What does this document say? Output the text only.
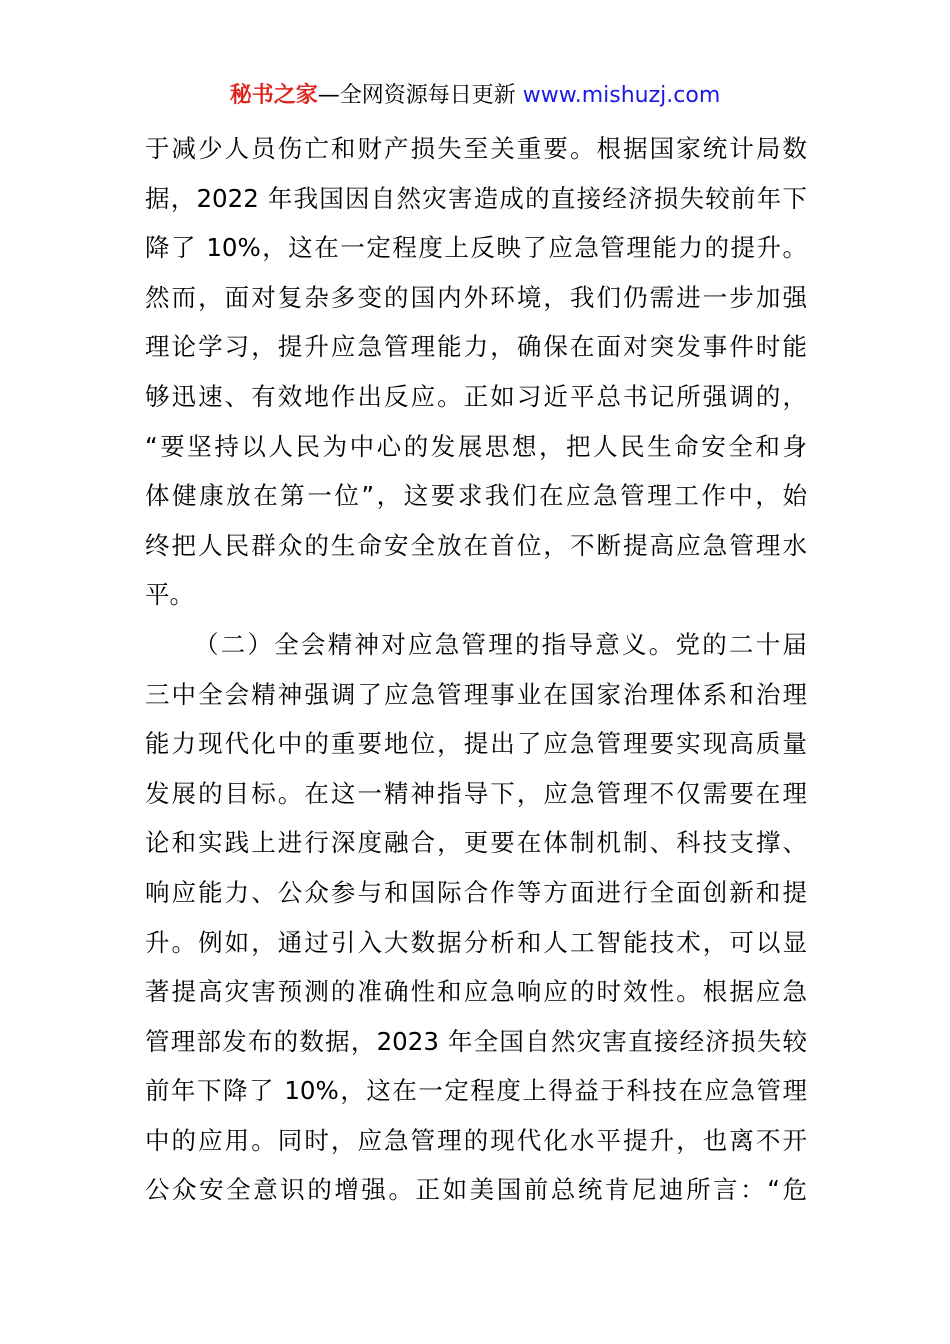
秘书之家—全网资源每日更新 www.mishuzj.com
于减少人员伤亡和财产损失至关重要。根据国家统计局数
据，2022 年我国因自然灾害造成的直接经济损失较前年下
降了 10%，这在一定程度上反映了应急管理能力的提升。
然而，面对复杂多变的国内外环境，我们仍需进一步加强
理论学习，提升应急管理能力，确保在面对突发事件时能
够迅速、有效地作出反应。正如习近平总书记所强调的，
“要坚持以人民为中心的发展思想，把人民生命安全和身
体健康放在第一位”，这要求我们在应急管理工作中，始
终把人民群众的生命安全放在首位，不断提高应急管理水
平。
（二）全会精神对应急管理的指导意义。党的二十届
三中全会精神强调了应急管理事业在国家治理体系和治理
能力现代化中的重要地位，提出了应急管理要实现高质量
发展的目标。在这一精神指导下，应急管理不仅需要在理
论和实践上进行深度融合，更要在体制机制、科技支撑、
响应能力、公众参与和国际合作等方面进行全面创新和提
升。例如，通过引入大数据分析和人工智能技术，可以显
著提高灾害预测的准确性和应急响应的时效性。根据应急
管理部发布的数据，2023 年全国自然灾害直接经济损失较
前年下降了 10%，这在一定程度上得益于科技在应急管理
中的应用。同时，应急管理的现代化水平提升，也离不开
公众安全意识的增强。正如美国前总统肯尼迪所言：“危
